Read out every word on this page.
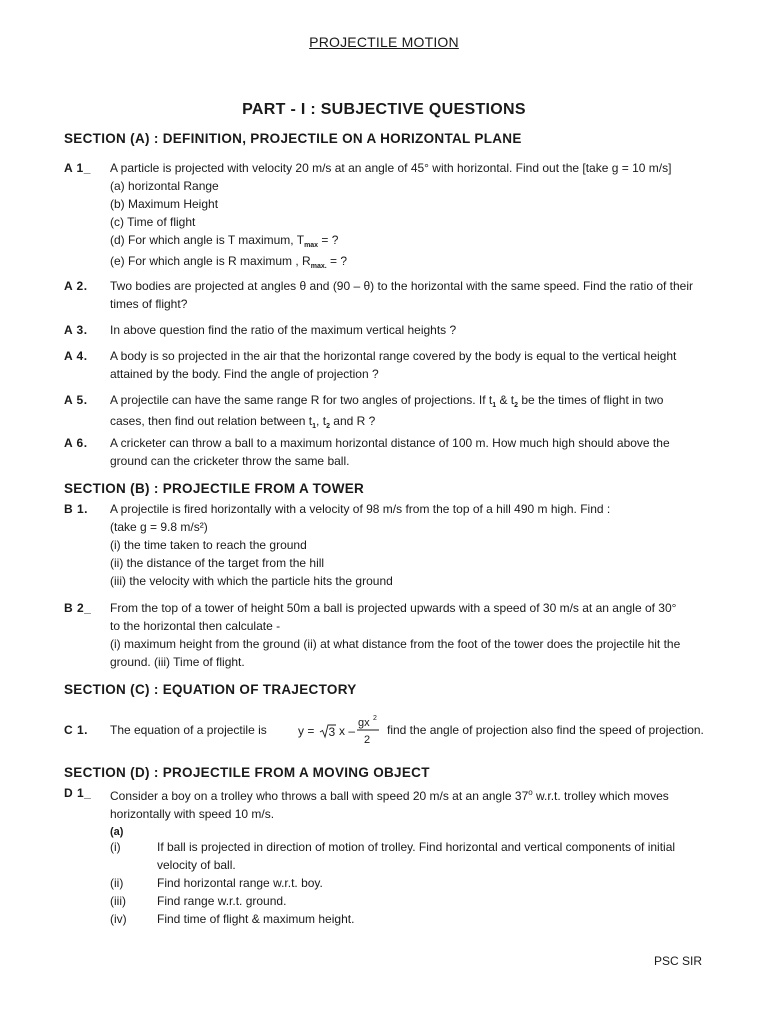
PROJECTILE MOTION
PART - I : SUBJECTIVE QUESTIONS
SECTION (A) : DEFINITION, PROJECTILE ON A HORIZONTAL PLANE
A 1_ A particle is projected with velocity 20 m/s at an angle of 45° with horizontal. Find out the [take g = 10 m/s]
(a) horizontal Range
(b) Maximum Height
(c) Time of flight
(d) For which angle is T maximum, $T_{max}$ = ?
(e) For which angle is R maximum , $R_{max.}$ = ?
A 2. Two bodies are projected at angles θ and (90 – θ) to the horizontal with the same speed. Find the ratio of their
times of flight?
A 3. In above question find the ratio of the maximum vertical heights ?
A 4. A body is so projected in the air that the horizontal range covered by the body is equal to the vertical height
attained by the body. Find the angle of projection ?
A 5. A projectile can have the same range R for two angles of projections. If $t_1$ & $t_2$ be the times of flight in two
cases, then find out relation between $t_1$, $t_2$ and R ?
A 6. A cricketer can throw a ball to a maximum horizontal distance of 100 m. How much high should above the
ground can the cricketer throw the same ball.
SECTION (B) : PROJECTILE FROM A TOWER
B 1. A projectile is fired horizontally with a velocity of 98 m/s from the top of a hill 490 m high. Find :
(take g = 9.8 m/s²)
(i) the time taken to reach the ground
(ii) the distance of the target from the hill
(iii) the velocity with which the particle hits the ground
B 2_ From the top of a tower of height 50m a ball is projected upwards with a speed of 30 m/s at an angle of 30°
to the horizontal then calculate -
(i) maximum height from the ground (ii) at what distance from the foot of the tower does the projectile hit the
ground. (iii) Time of flight.
SECTION (C) : EQUATION OF TRAJECTORY
C 1. The equation of a projectile is	y = 3 x –
gx 2
2
find the angle of projection also find the speed of projection.
SECTION (D) : PROJECTILE FROM A MOVING OBJECT
D 1_ Consider a boy on a trolley who throws a ball with speed 20 m/s at an angle 37$^o$ w.r.t. trolley which moves
horizontally with speed 10 m/s.
(a)
(i)	If ball is projected in direction of motion of trolley. Find horizontal and vertical components of initial velocity of ball.
(ii)	Find horizontal range w.r.t. boy.
(iii)	Find range w.r.t. ground.
(iv)	Find time of flight & maximum height.
PSC SIR
